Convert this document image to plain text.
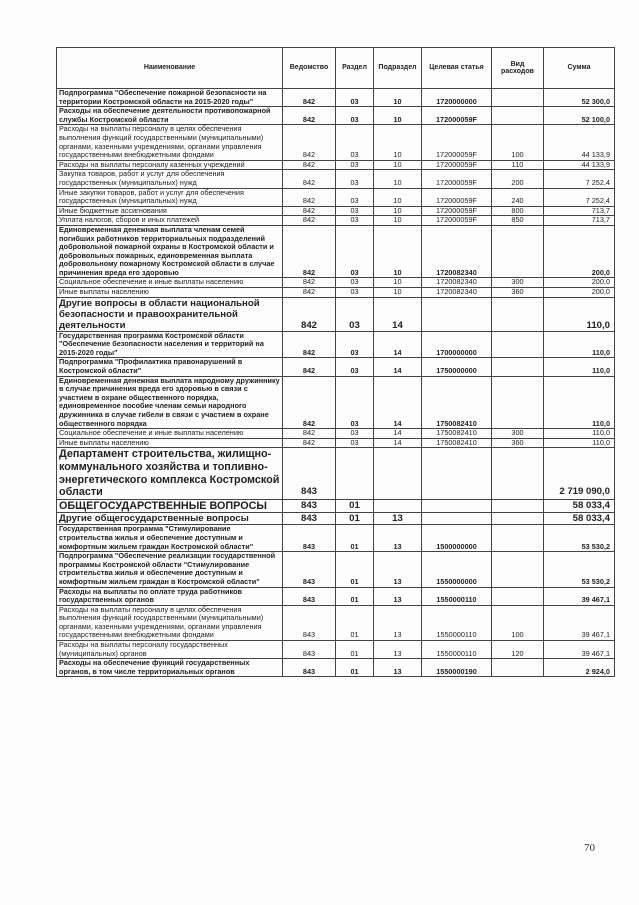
Наименование	Ведомство	Раздел	Подраздел	Целевая статья	Вид расходов	Сумма
Подпрограмма "Обеспечение пожарной безопасности на территории Костромской области на 2015-2020 годы"	842	03	10	1720000000		52 300,0
Расходы на обеспечение деятельности противопожарной службы Костромской области	842	03	10	172000059F		52 100,0
Расходы на выплаты персоналу в целях обеспечения выполнения функций государственными (муниципальными) органами, казенными учреждениями, органами управления государственными внебюджетными фондами	842	03	10	172000059F	100	44 133,9
Расходы на выплаты персоналу казенных учреждений	842	03	10	172000059F	110	44 133,9
Закупка товаров, работ и услуг для обеспечения государственных (муниципальных) нужд	842	03	10	172000059F	200	7 252,4
Иные закупки товаров, работ и услуг для обеспечения государственных (муниципальных) нужд	842	03	10	172000059F	240	7 252,4
Иные бюджетные ассигнования	842	03	10	172000059F	800	713,7
Уплата налогов, сборов и иных платежей	842	03	10	172000059F	850	713,7
Единовременная денежная выплата членам семей погибших работников территориальных подразделений добровольной пожарной охраны в Костромской области и добровольных пожарных, единовременная выплата добровольному пожарному Костромской области в случае причинения вреда его здоровью	842	03	10	1720082340		200,0
Социальное обеспечение и иные выплаты населению	842	03	10	1720082340	300	200,0
Иные выплаты населению	842	03	10	1720082340	360	200,0
Другие вопросы в области национальной безопасности и правоохранительной деятельности	842	03	14			110,0
Государственная программа Костромской области "Обеспечение безопасности населения и территорий на 2015-2020 годы"	842	03	14	1700000000		110,0
Подпрограмма "Профилактика правонарушений в Костромской области"	842	03	14	1750000000		110,0
Единовременная денежная выплата народному дружиннику в случае причинения вреда его здоровью в связи с участием в охране общественного порядка, единовременное пособие членам семьи народного дружинника в случае гибели в связи с участием в охране общественного порядка	842	03	14	1750082410		110,0
Социальное обеспечение и иные выплаты населению	842	03	14	1750082410	300	110,0
Иные выплаты населению	842	03	14	1750082410	360	110,0
Департамент строительства, жилищно-коммунального хозяйства и топливно-энергетического комплекса Костромской области	843					2 719 090,0
ОБЩЕГОСУДАРСТВЕННЫЕ ВОПРОСЫ	843	01				58 033,4
Другие общегосударственные вопросы	843	01	13			58 033,4
Государственная программа "Стимулирование строительства жилья и обеспечение доступным и комфортным жильем граждан Костромской области"	843	01	13	1500000000		53 530,2
Подпрограмма "Обеспечение реализации государственной программы Костромской области "Стимулирование строительства жилья и обеспечение доступным и комфортным жильем граждан в Костромской области"	843	01	13	1550000000		53 530,2
Расходы на выплаты по оплате труда работников государственных органов	843	01	13	1550000110		39 467,1
Расходы на выплаты персоналу в целях обеспечения выполнения функций государственными (муниципальными) органами, казенными учреждениями, органами управления государственными внебюджетными фондами	843	01	13	1550000110	100	39 467,1
Расходы на выплаты персоналу государственных (муниципальных) органов	843	01	13	1550000110	120	39 467,1
Расходы на обеспечение функций государственных органов, в том числе территориальных органов	843	01	13	1550000190		2 924,0
70
